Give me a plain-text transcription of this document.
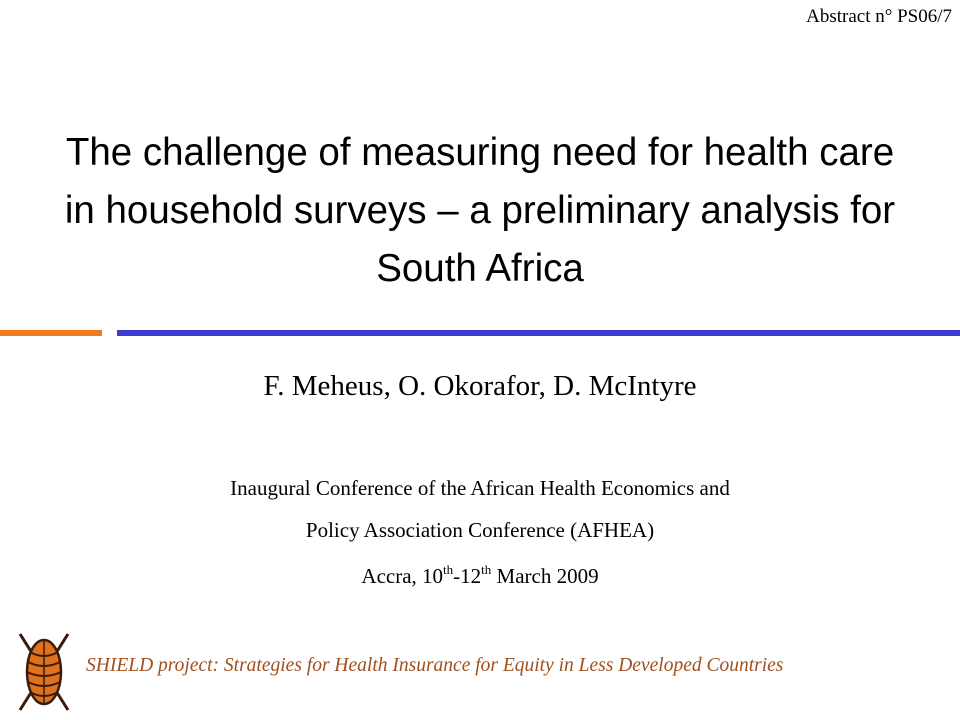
Abstract n° PS06/7
The challenge of measuring need for health care in household surveys – a preliminary analysis for South Africa
F. Meheus, O. Okorafor, D. McIntyre
Inaugural Conference of the African Health Economics and
Policy Association Conference (AFHEA)
Accra, 10th-12th March 2009
SHIELD project: Strategies for Health Insurance for Equity in Less Developed Countries
